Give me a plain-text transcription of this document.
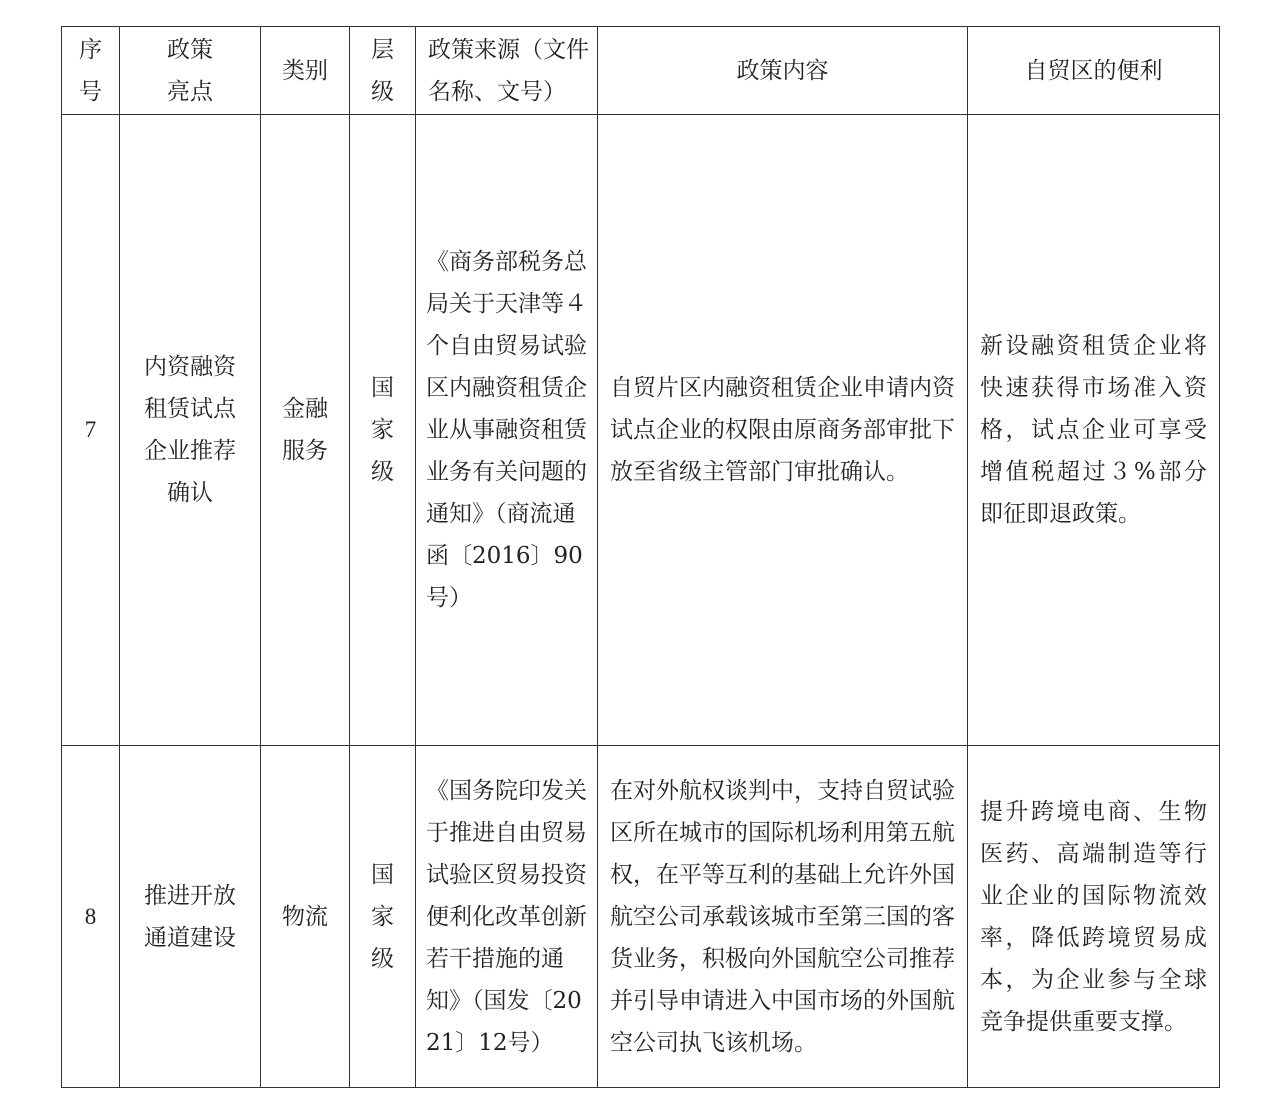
序号	政策亮点	类别	层级	政策来源（文件名称、文号）	政策内容	自贸区的便利
7	内资融资租赁试点企业推荐确认	金融服务	国家级	《商务部税务总局关于天津等４个自由贸易试验区内融资租赁企业从事融资租赁业务有关问题的通知》（商流通函〔2016〕90号）	自贸片区内融资租赁企业申请内资试点企业的权限由原商务部审批下放至省级主管部门审批确认。	新设融资租赁企业将快速获得市场准入资格，试点企业可享受增值税超过３%部分即征即退政策。
8	推进开放通道建设	物流	国家级	《国务院印发关于推进自由贸易试验区贸易投资便利化改革创新若干措施的通知》（国发〔2021〕12号）	在对外航权谈判中，支持自贸试验区所在城市的国际机场利用第五航权，在平等互利的基础上允许外国航空公司承载该城市至第三国的客货业务，积极向外国航空公司推荐并引导申请进入中国市场的外国航空公司执飞该机场。	提升跨境电商、生物医药、高端制造等行业企业的国际物流效率，降低跨境贸易成本，为企业参与全球竞争提供重要支撑。
